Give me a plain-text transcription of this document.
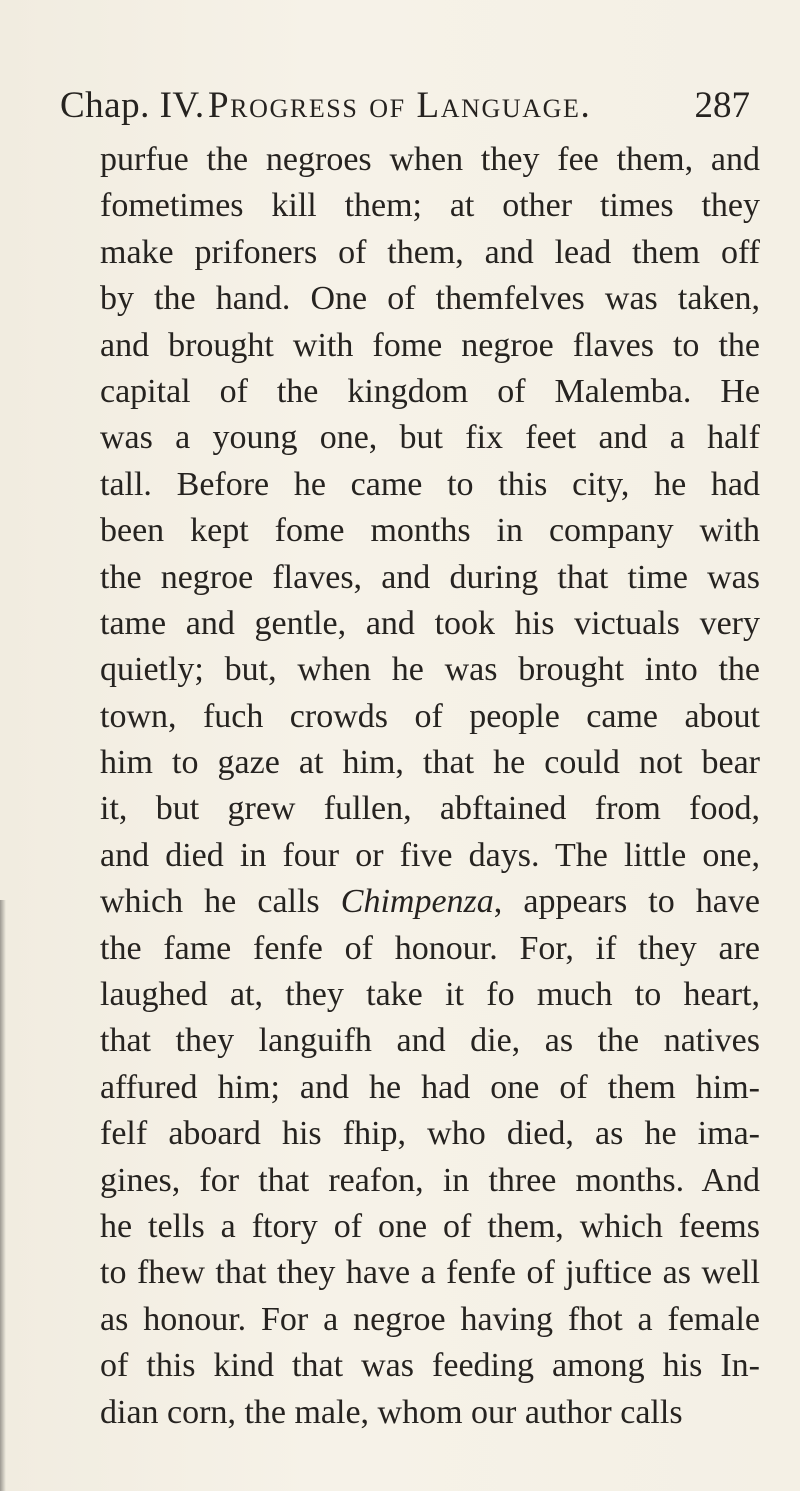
Chap. IV. Progress of Language.	287
purfue the negroes when they fee them, and
fometimes kill them; at other times they
make prifoners of them, and lead them off
by the hand. One of themfelves was taken,
and brought with fome negroe flaves to the
capital of the kingdom of Malemba. He
was a young one, but fix feet and a half
tall. Before he came to this city, he had
been kept fome months in company with
the negroe flaves, and during that time was
tame and gentle, and took his victuals very
quietly; but, when he was brought into the
town, fuch crowds of people came about
him to gaze at him, that he could not bear
it, but grew fullen, abftained from food,
and died in four or five days. The little one,
which he calls Chimpenza, appears to have
the fame fenfe of honour. For, if they are
laughed at, they take it fo much to heart,
that they languifh and die, as the natives
affured him; and he had one of them him-
felf aboard his fhip, who died, as he ima-
gines, for that reafon, in three months. And
he tells a ftory of one of them, which feems
to fhew that they have a fenfe of juftice as well
as honour. For a negroe having fhot a female
of this kind that was feeding among his In-
dian corn, the male, whom our author calls
